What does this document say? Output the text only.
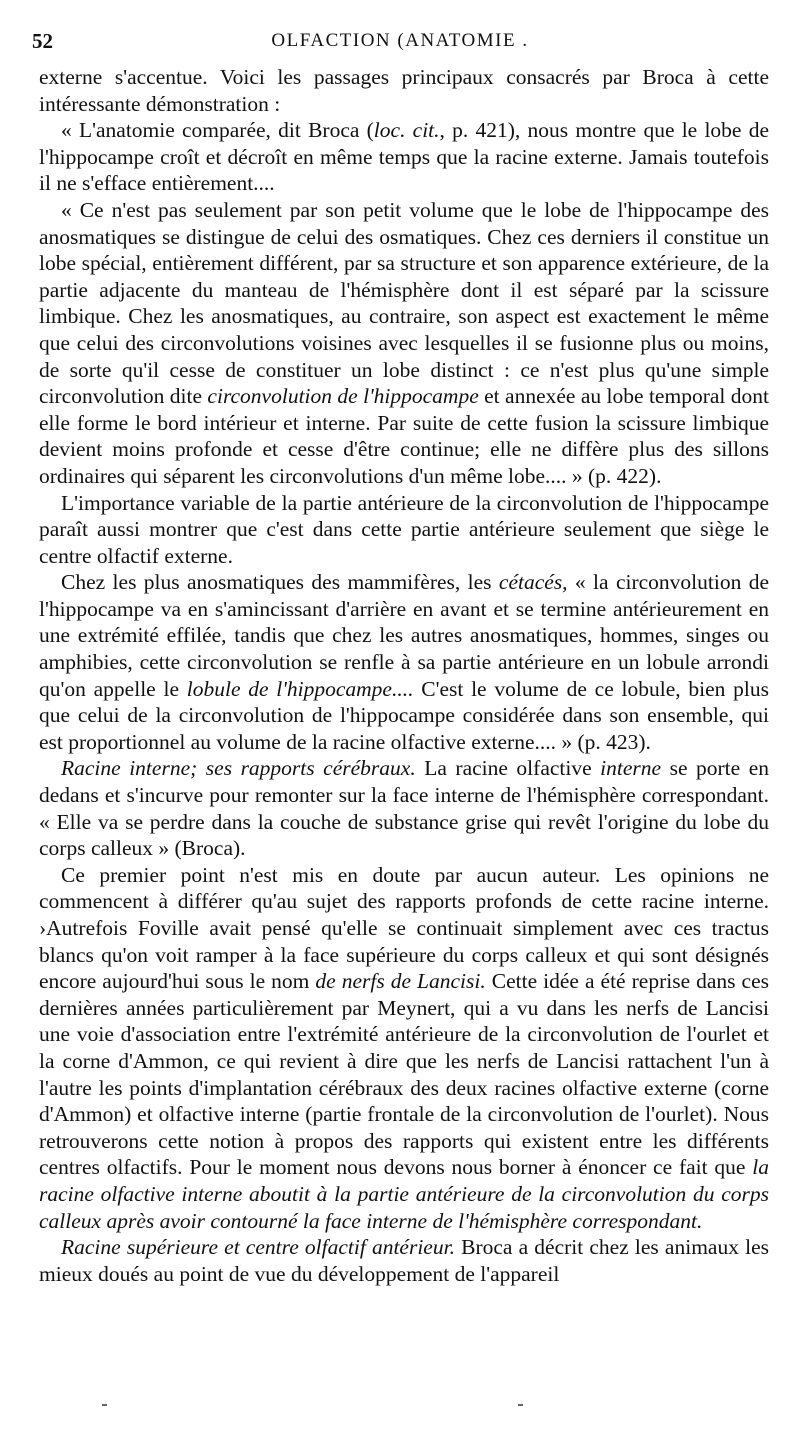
52	OLFACTION (ANATOMIE .

externe s'accentue. Voici les passages principaux consacrés par Broca à cette intéressante démonstration :

« L'anatomie comparée, dit Broca (loc. cit., p. 421), nous montre que le lobe de l'hippocampe croît et décroît en même temps que la racine externe. Jamais toutefois il ne s'efface entièrement....

« Ce n'est pas seulement par son petit volume que le lobe de l'hippocampe des anosmatiques se distingue de celui des osmatiques. Chez ces derniers il constitue un lobe spécial, entièrement différent, par sa structure et son apparence extérieure, de la partie adjacente du manteau de l'hémisphère dont il est séparé par la scissure limbique. Chez les anosmatiques, au contraire, son aspect est exactement le même que celui des circonvolutions voisines avec lesquelles il se fusionne plus ou moins, de sorte qu'il cesse de constituer un lobe distinct : ce n'est plus qu'une simple circonvolution dite circonvolution de l'hippocampe et annexée au lobe temporal dont elle forme le bord intérieur et interne. Par suite de cette fusion la scissure limbique devient moins profonde et cesse d'être continue; elle ne diffère plus des sillons ordinaires qui séparent les circonvolutions d'un même lobe.... » (p. 422).

L'importance variable de la partie antérieure de la circonvolution de l'hippocampe paraît aussi montrer que c'est dans cette partie antérieure seulement que siège le centre olfactif externe.

Chez les plus anosmatiques des mammifères, les cétacés, « la circonvolution de l'hippocampe va en s'amincissant d'arrière en avant et se termine antérieurement en une extrémité effilée, tandis que chez les autres anosmatiques, hommes, singes ou amphibies, cette circonvolution se renfle à sa partie antérieure en un lobule arrondi qu'on appelle le lobule de l'hippocampe.... C'est le volume de ce lobule, bien plus que celui de la circonvolution de l'hippocampe considérée dans son ensemble, qui est proportionnel au volume de la racine olfactive externe.... » (p. 423).

Racine interne; ses rapports cérébraux. La racine olfactive interne se porte en dedans et s'incurve pour remonter sur la face interne de l'hémisphère correspondant. « Elle va se perdre dans la couche de substance grise qui revêt l'origine du lobe du corps calleux » (Broca).

Ce premier point n'est mis en doute par aucun auteur. Les opinions ne commencent à différer qu'au sujet des rapports profonds de cette racine interne. ›Autrefois Foville avait pensé qu'elle se continuait simplement avec ces tractus blancs qu'on voit ramper à la face supérieure du corps calleux et qui sont désignés encore aujourd'hui sous le nom de nerfs de Lancisi. Cette idée a été reprise dans ces dernières années particulièrement par Meynert, qui a vu dans les nerfs de Lancisi une voie d'association entre l'extrémité antérieure de la circonvolution de l'ourlet et la corne d'Ammon, ce qui revient à dire que les nerfs de Lancisi rattachent l'un à l'autre les points d'implantation cérébraux des deux racines olfactive externe (corne d'Ammon) et olfactive interne (partie frontale de la circonvolution de l'ourlet). Nous retrouverons cette notion à propos des rapports qui existent entre les différents centres olfactifs. Pour le moment nous devons nous borner à énoncer ce fait que la racine olfactive interne aboutit à la partie antérieure de la circonvolution du corps calleux après avoir contourné la face interne de l'hémisphère correspondant.

Racine supérieure et centre olfactif antérieur. Broca a décrit chez les animaux les mieux doués au point de vue du développement de l'appareil
